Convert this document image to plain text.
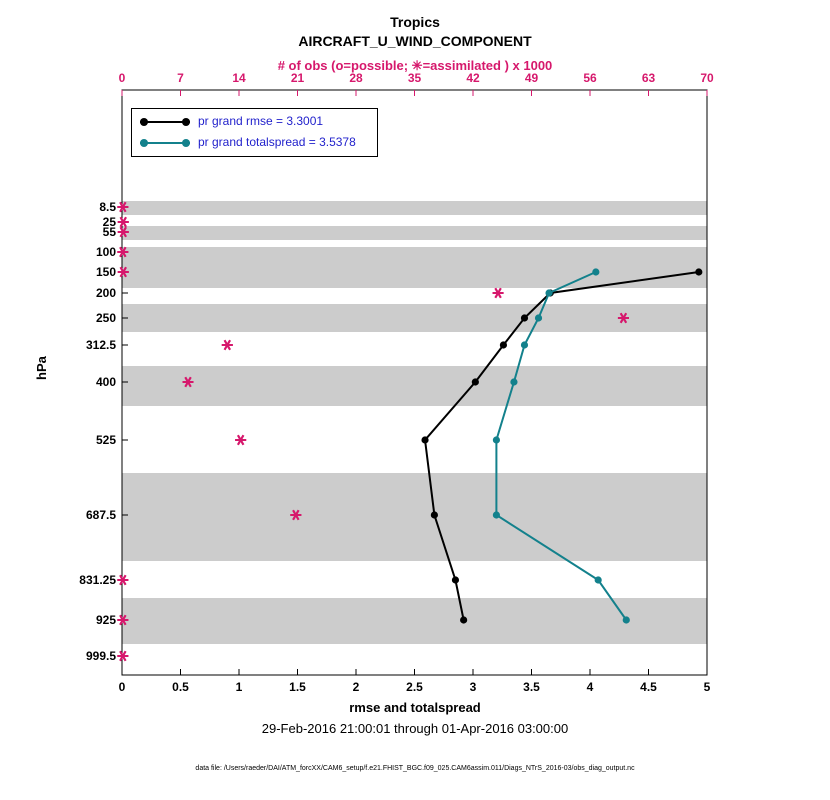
Tropics
AIRCRAFT_U_WIND_COMPONENT
# of obs (o=possible; ✳=assimilated ) x 1000
hPa
pr grand rmse = 3.3001
pr grand totalspread = 3.5378
rmse and totalspread
29-Feb-2016 21:00:01 through 01-Apr-2016 03:00:00
data file: /Users/raeder/DAI/ATM_forcXX/CAM6_setup/f.e21.FHIST_BGC.f09_025.CAM6assim.011/Diags_NTrS_2016-03/obs_diag_output.nc
0	7	14	21	28	35	42	49	56	63	70
0	0.5	1	1.5	2	2.5	3	3.5	4	4.5	5
8.5
25
55
100
150
200
250
312.5
400
525
687.5
831.25
925
999.5
